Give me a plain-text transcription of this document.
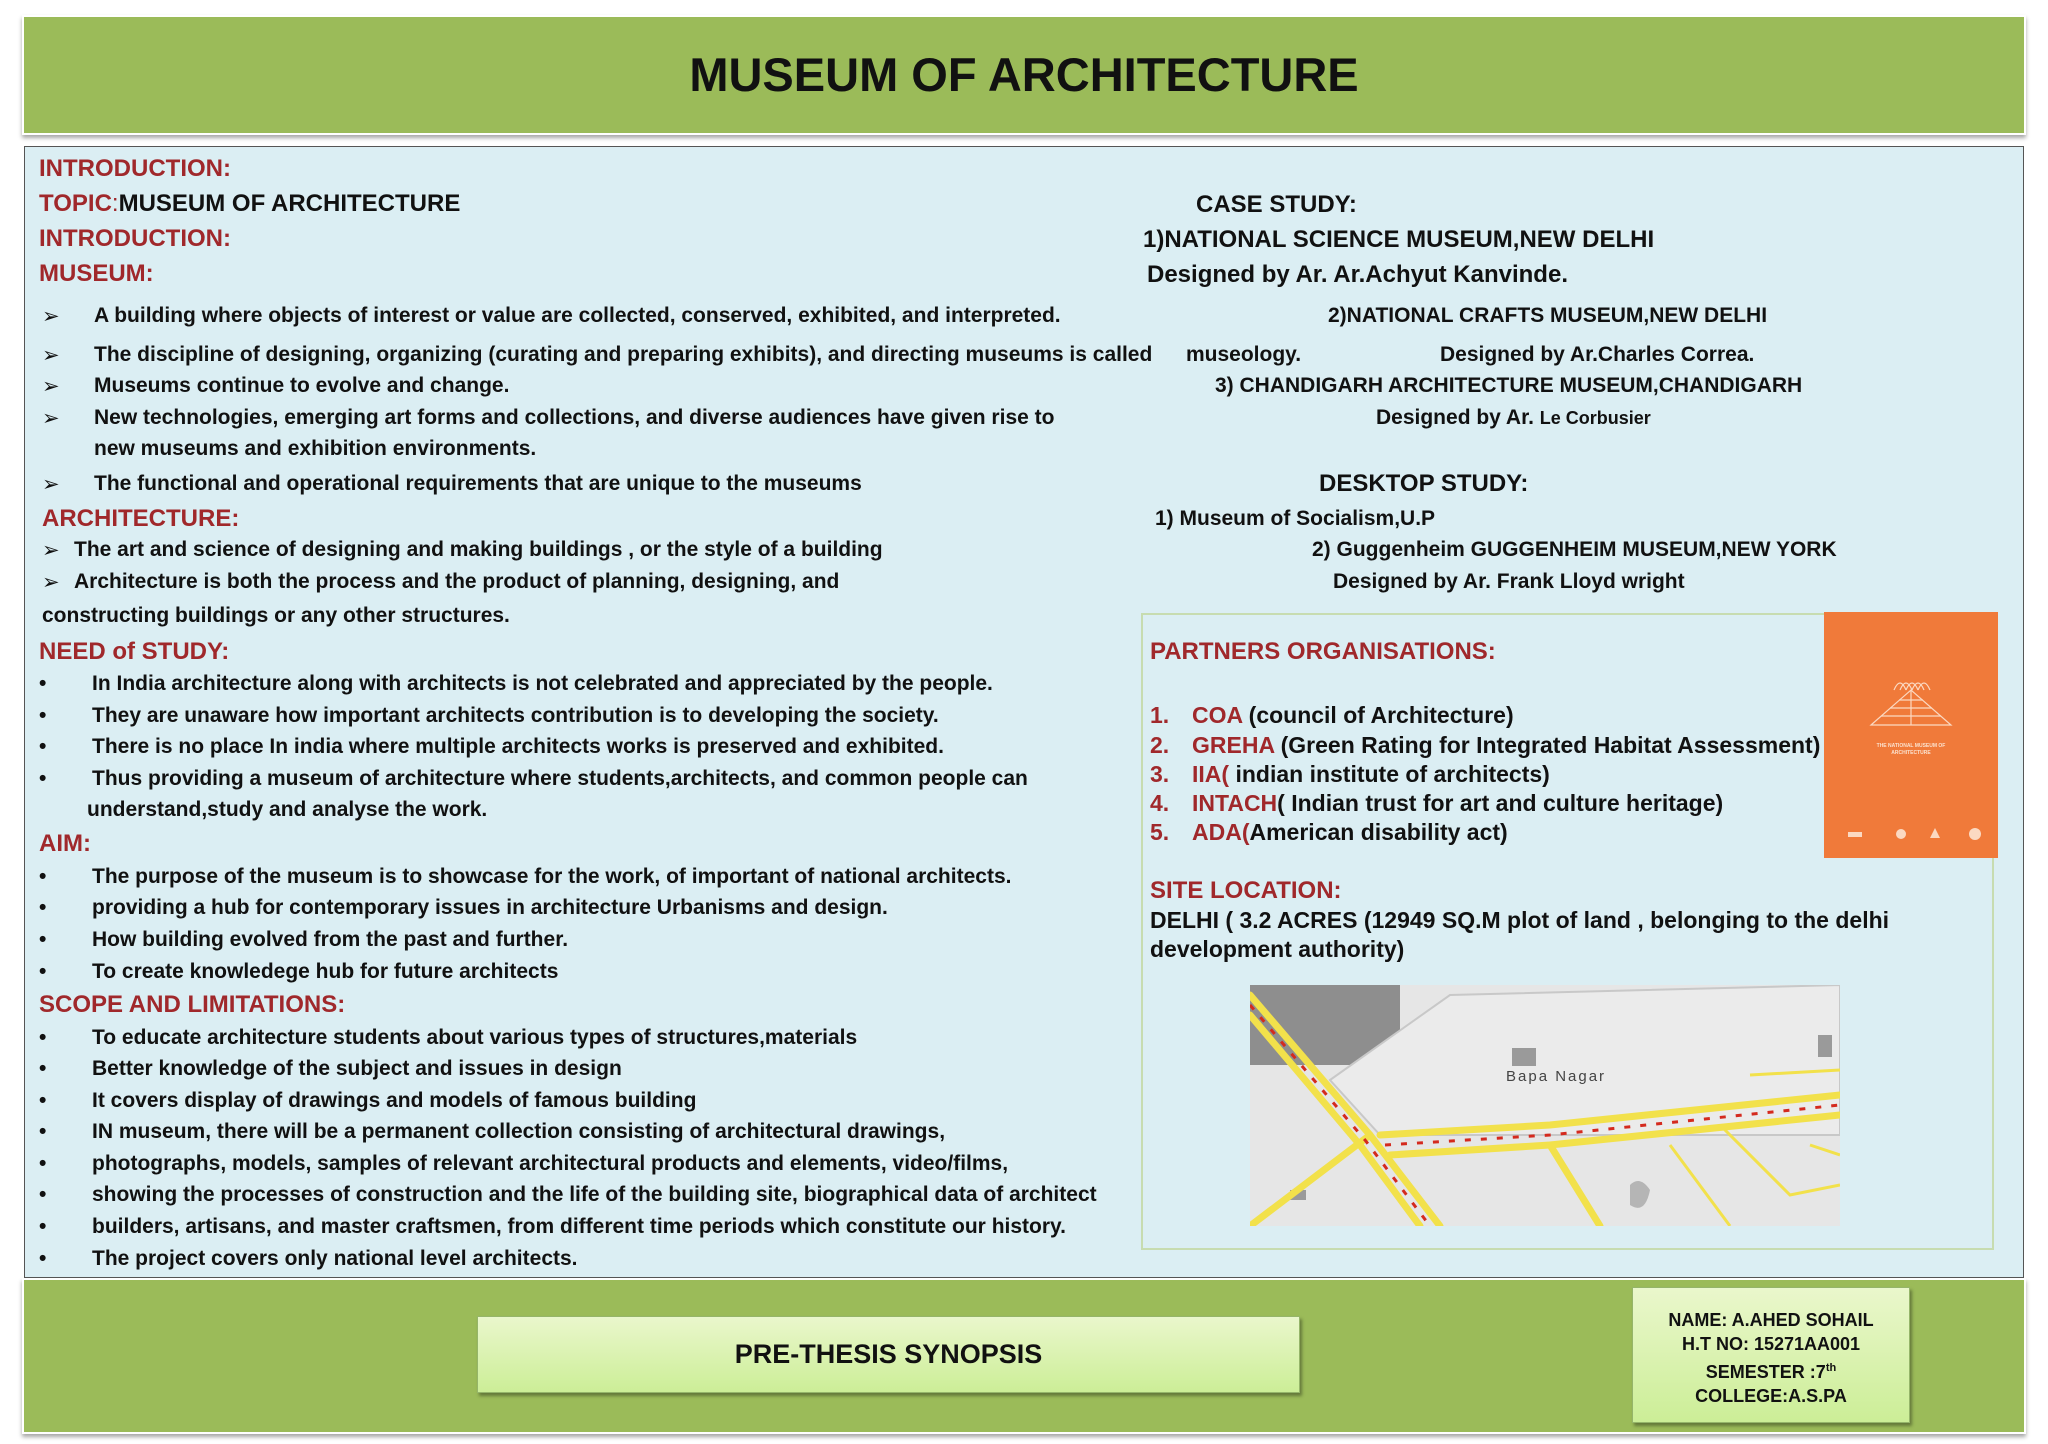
MUSEUM OF ARCHITECTURE
INTRODUCTION:
TOPIC:MUSEUM OF ARCHITECTURE
INTRODUCTION:
MUSEUM:
➢ A building where objects of interest or value are collected, conserved, exhibited, and interpreted.
➢ The discipline of designing, organizing (curating and preparing exhibits), and directing museums is called museology.
➢ Museums continue to evolve and change.
➢ New technologies, emerging art forms and collections, and diverse audiences have given rise to
new museums and exhibition environments.
➢ The functional and operational requirements that are unique to the museums
ARCHITECTURE:
➢ The art and science of designing and making buildings , or the style of a building
➢ Architecture is both the process and the product of planning, designing, and
constructing buildings or any other structures.
NEED of STUDY:
• In India architecture along with architects is not celebrated and appreciated by the people.
• They are unaware how important architects contribution is to developing the society.
• There is no place In india where multiple architects works is preserved and exhibited.
• Thus providing a museum of architecture where students,architects, and common people can
understand,study and analyse the work.
AIM:
• The purpose of the museum is to showcase for the work, of important of national architects.
• providing a hub for contemporary issues in architecture Urbanisms and design.
• How building evolved from the past and further.
• To create knowledege hub for future architects
SCOPE AND LIMITATIONS:
• To educate architecture students about various types of structures,materials
• Better knowledge of the subject and issues in design
• It covers display of drawings and models of famous building
• IN museum, there will be a permanent collection consisting of architectural drawings,
• photographs, models, samples of relevant architectural products and elements, video/films,
• showing the processes of construction and the life of the building site, biographical data of architect
• builders, artisans, and master craftsmen, from different time periods which constitute our history.
• The project covers only national level architects.
CASE STUDY:
1)NATIONAL SCIENCE MUSEUM,NEW DELHI
Designed by Ar. Ar.Achyut Kanvinde.
2)NATIONAL CRAFTS MUSEUM,NEW DELHI
Designed by Ar.Charles Correa.
3) CHANDIGARH ARCHITECTURE MUSEUM,CHANDIGARH
Designed by Ar. Le Corbusier
DESKTOP STUDY:
1) Museum of Socialism,U.P
2) Guggenheim GUGGENHEIM MUSEUM,NEW YORK
Designed by Ar. Frank Lloyd wright
PARTNERS ORGANISATIONS:
1. COA (council of Architecture)
2. GREHA (Green Rating for Integrated Habitat Assessment)
3. IIA( indian institute of architects)
4. INTACH( Indian trust for art and culture heritage)
5. ADA(American disability act)
THE NATIONAL MUSEUM OF ARCHITECTURE
SITE LOCATION:
DELHI ( 3.2 ACRES (12949 SQ.M plot of land , belonging to the delhi
development authority)
Bapa Nagar
PRE-THESIS SYNOPSIS
NAME: A.AHED SOHAIL
H.T NO: 15271AA001
SEMESTER :7th
COLLEGE:A.S.PA
